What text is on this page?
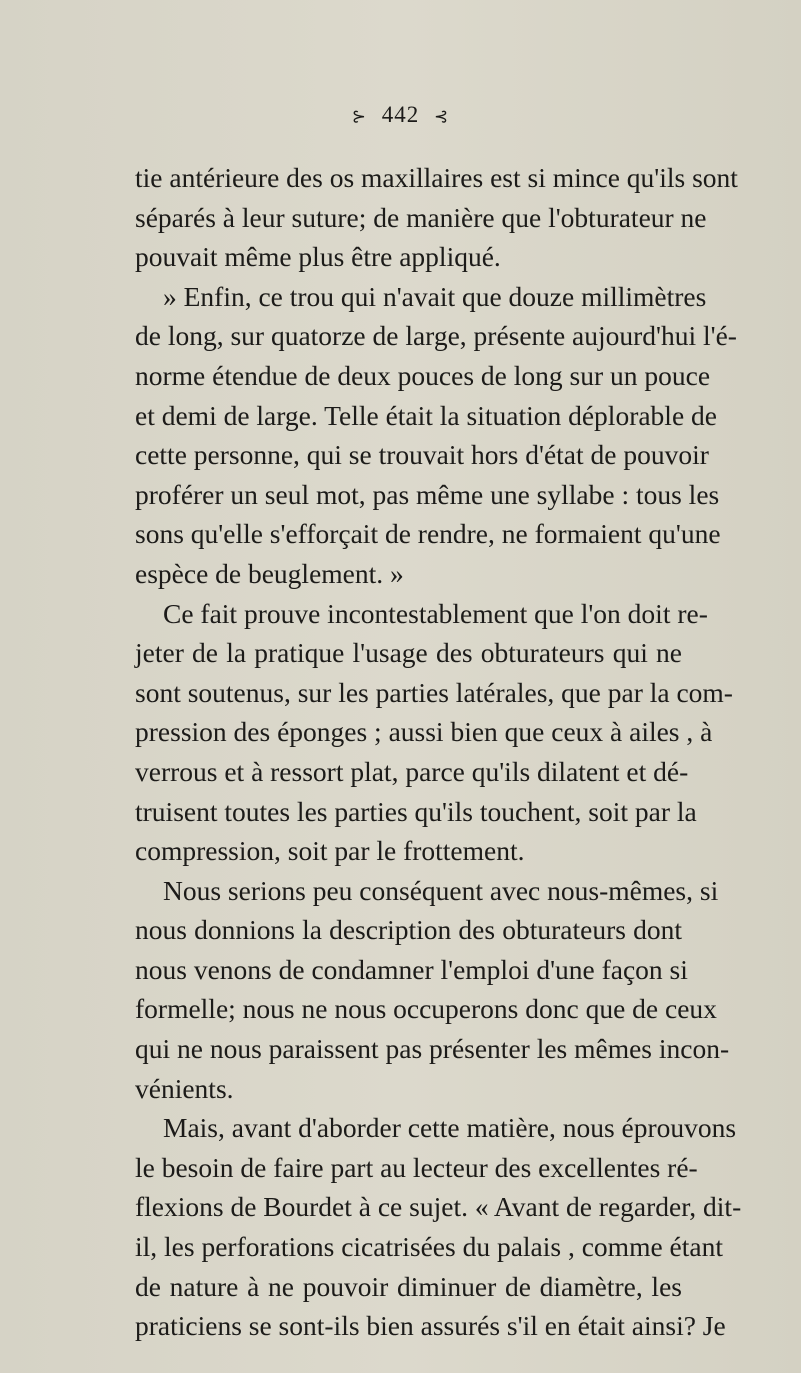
⊱ 442 ⊰
tie antérieure des os maxillaires est si mince qu'ils sont
séparés à leur suture; de manière que l'obturateur ne
pouvait même plus être appliqué.
» Enfin, ce trou qui n'avait que douze millimètres
de long, sur quatorze de large, présente aujourd'hui l'é-
norme étendue de deux pouces de long sur un pouce
et demi de large. Telle était la situation déplorable de
cette personne, qui se trouvait hors d'état de pouvoir
proférer un seul mot, pas même une syllabe : tous les
sons qu'elle s'efforçait de rendre, ne formaient qu'une
espèce de beuglement. »
Ce fait prouve incontestablement que l'on doit re-
jeter de la pratique l'usage des obturateurs qui ne
sont soutenus, sur les parties latérales, que par la com-
pression des éponges ; aussi bien que ceux à ailes , à
verrous et à ressort plat, parce qu'ils dilatent et dé-
truisent toutes les parties qu'ils touchent, soit par la
compression, soit par le frottement.
Nous serions peu conséquent avec nous-mêmes, si
nous donnions la description des obturateurs dont
nous venons de condamner l'emploi d'une façon si
formelle; nous ne nous occuperons donc que de ceux
qui ne nous paraissent pas présenter les mêmes incon-
vénients.
Mais, avant d'aborder cette matière, nous éprouvons
le besoin de faire part au lecteur des excellentes ré-
flexions de Bourdet à ce sujet. « Avant de regarder, dit-
il, les perforations cicatrisées du palais , comme étant
de nature à ne pouvoir diminuer de diamètre, les
praticiens se sont-ils bien assurés s'il en était ainsi? Je
